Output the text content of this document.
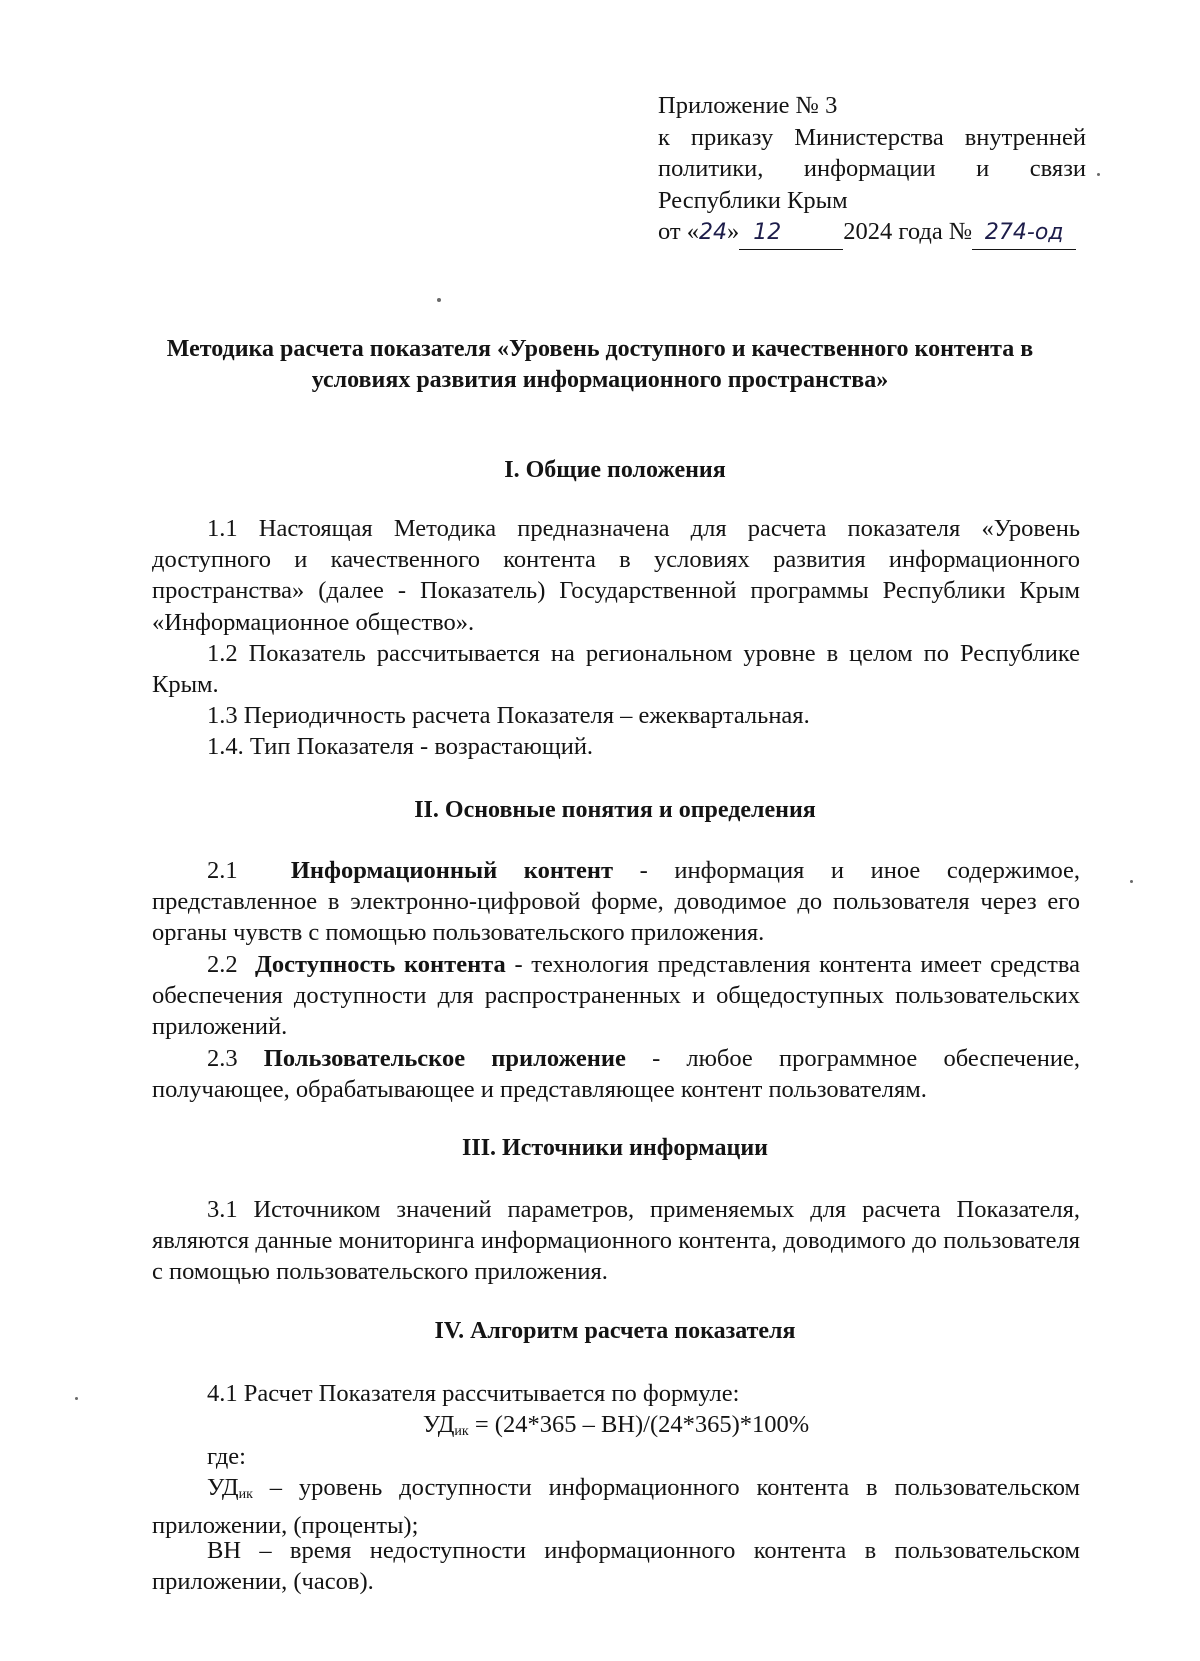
Приложение № 3
к приказу Министерства внутренней
политики, информации и связи
Республики Крым
от « 24 » 12	2024 года № 274-од
Методика расчета показателя «Уровень доступного и качественного контента в условиях развития информационного пространства»
I. Общие положения

1.1 Настоящая Методика предназначена для расчета показателя «Уровень доступного и качественного контента в условиях развития информационного пространства» (далее - Показатель) Государственной программы Республики Крым «Информационное общество».

1.2 Показатель рассчитывается на региональном уровне в целом по Республике Крым.

1.3 Периодичность расчета Показателя – ежеквартальная.

1.4. Тип Показателя - возрастающий.

II. Основные понятия и определения

2.1 Информационный контент - информация и иное содержимое, представленное в электронно-цифровой форме, доводимое до пользователя через его органы чувств с помощью пользовательского приложения.

2.2 Доступность контента - технология представления контента имеет средства обеспечения доступности для распространенных и общедоступных пользовательских приложений.

2.3 Пользовательское приложение - любое программное обеспечение, получающее, обрабатывающее и представляющее контент пользователям.

III. Источники информации

3.1 Источником значений параметров, применяемых для расчета Показателя, являются данные мониторинга информационного контента, доводимого до пользователя с помощью пользовательского приложения.

IV. Алгоритм расчета показателя

4.1 Расчет Показателя рассчитывается по формуле:

$УД_{ик} = (24*365 - ВН)/(24*365)*100\%$

где:

$УД_{ик}$ – уровень доступности информационного контента в пользовательском приложении, (проценты);

ВН – время недоступности информационного контента в пользовательском приложении, (часов).
